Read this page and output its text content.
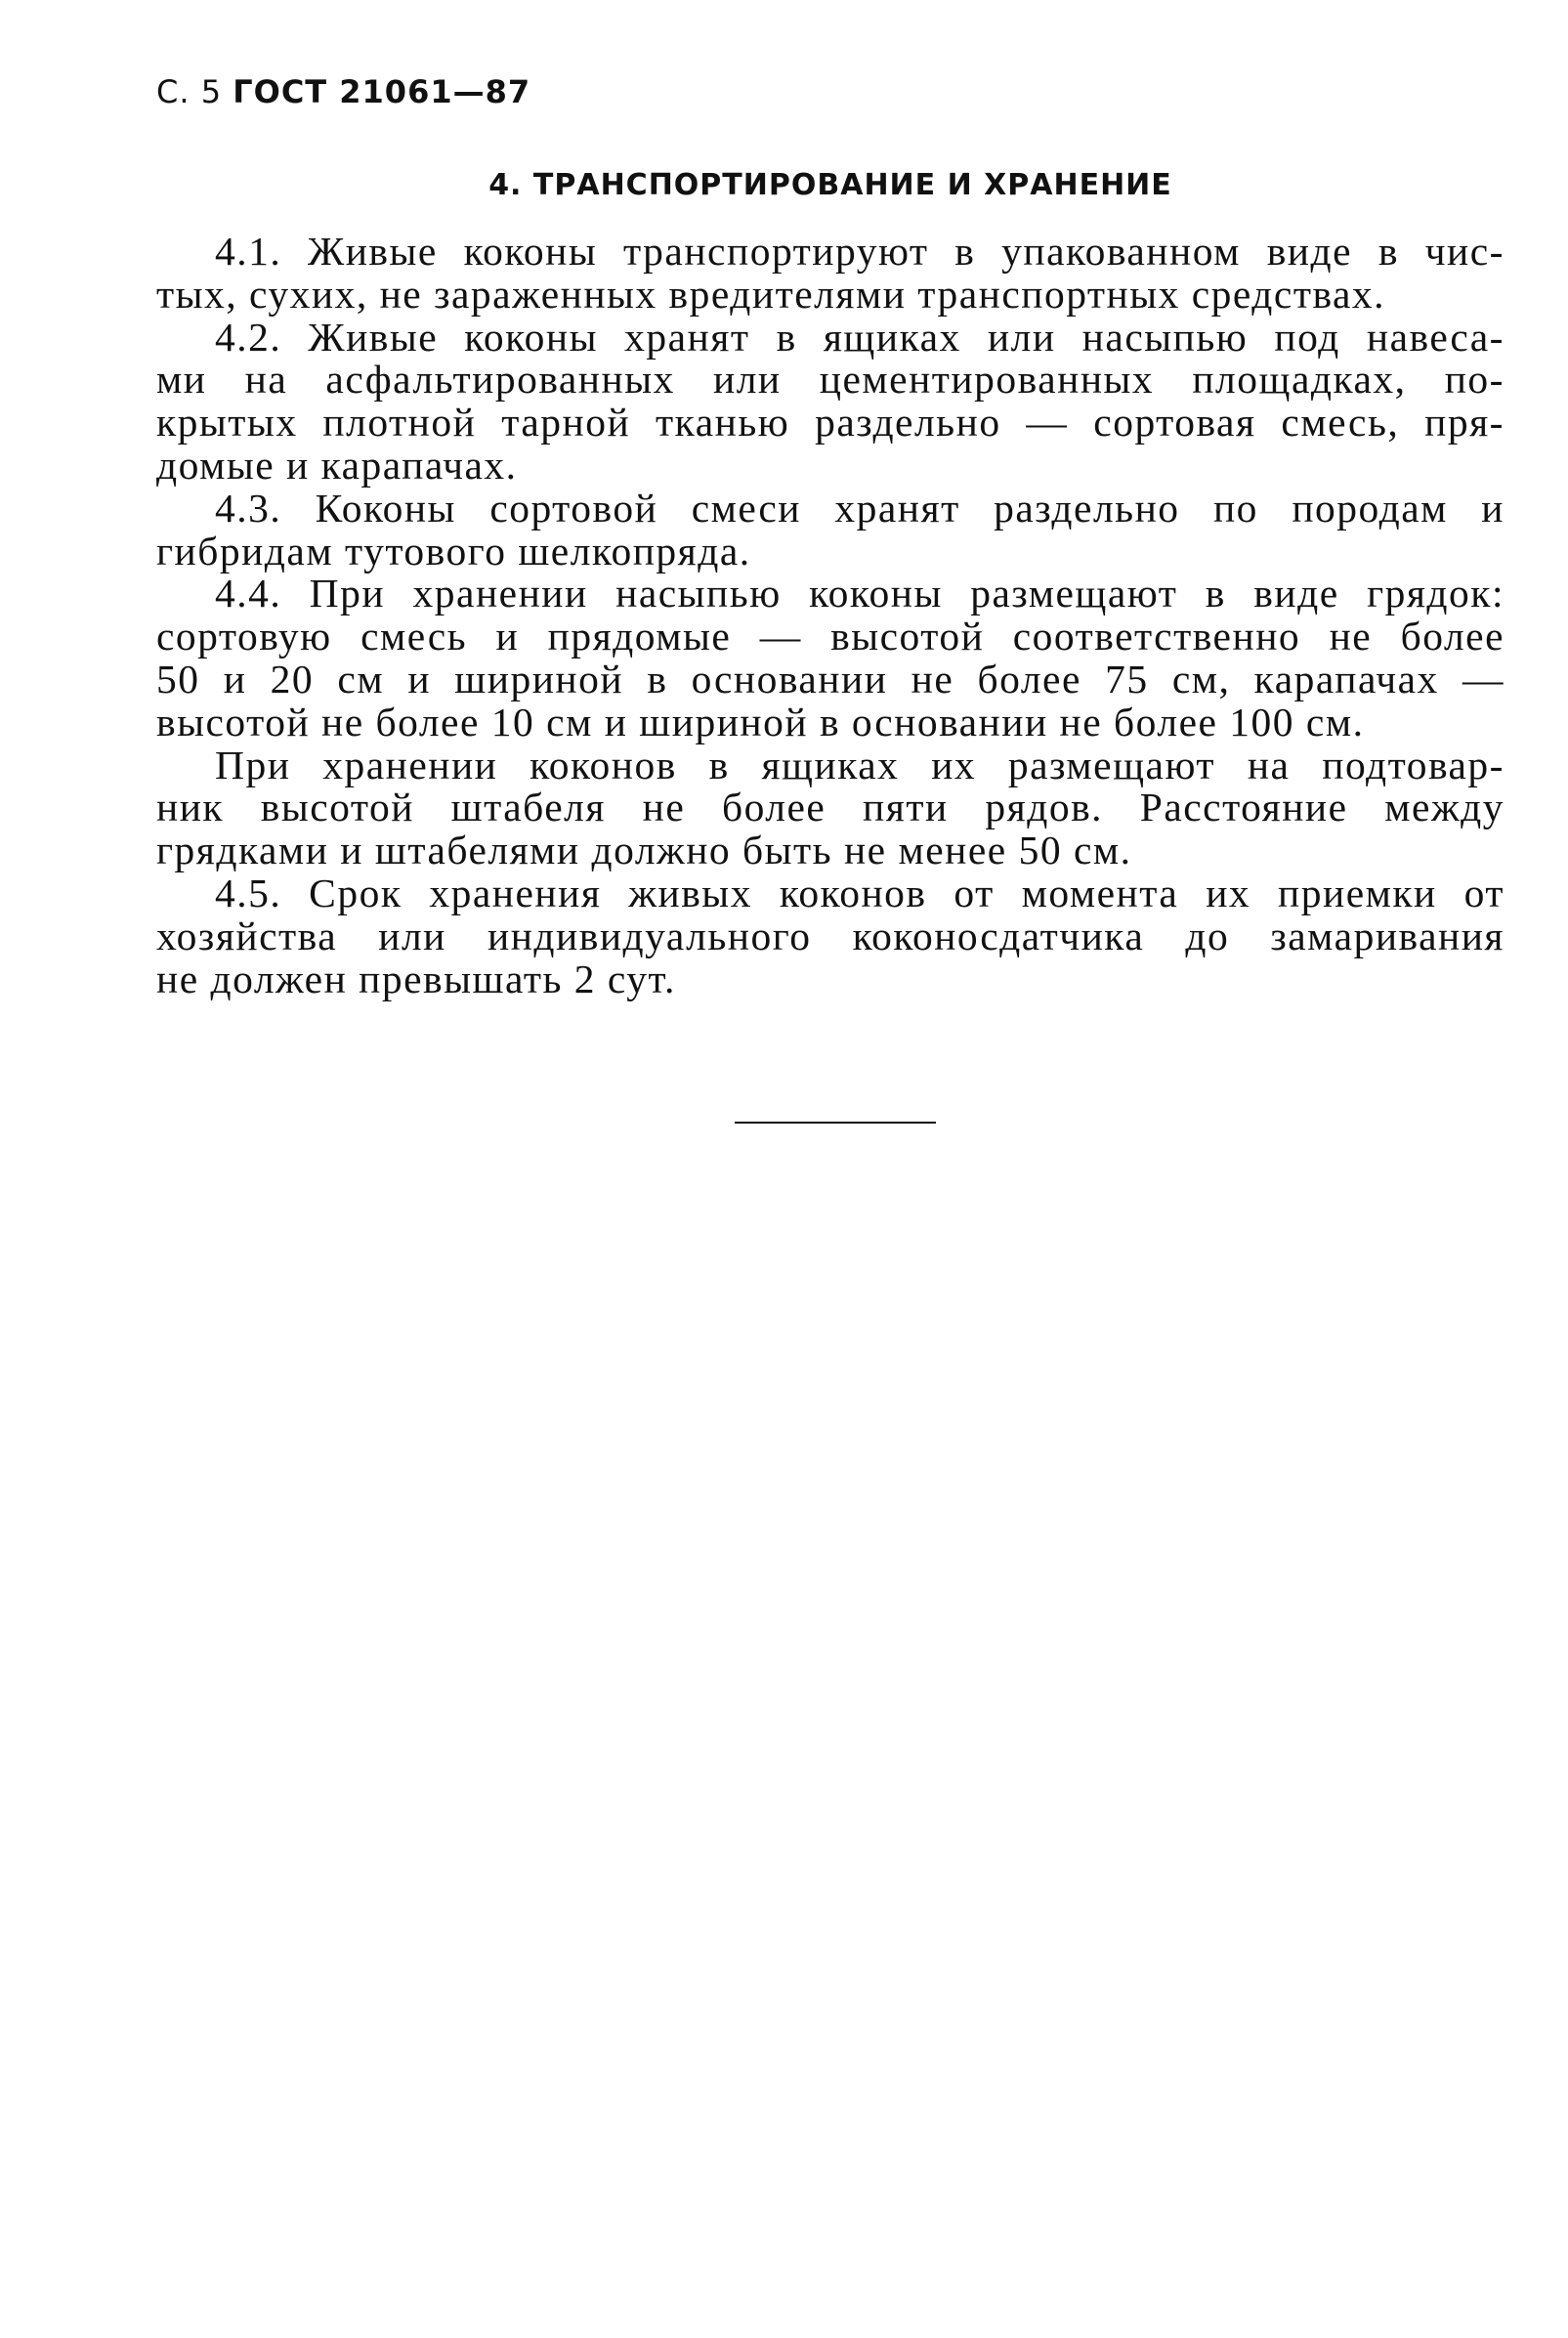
С. 5 ГОСТ 21061—87
4. ТРАНСПОРТИРОВАНИЕ И ХРАНЕНИЕ
4.1. Живые коконы транспортируют в упакованном виде в чис-
тых, сухих, не зараженных вредителями транспортных средствах.
4.2. Живые коконы хранят в ящиках или насыпью под навеса-
ми на асфальтированных или цементированных площадках, по-
крытых плотной тарной тканью раздельно — сортовая смесь, пря-
домые и карапачах.
4.3. Коконы сортовой смеси хранят раздельно по породам и
гибридам тутового шелкопряда.
4.4. При хранении насыпью коконы размещают в виде грядок:
сортовую смесь и прядомые — высотой соответственно не более
50 и 20 см и шириной в основании не более 75 см, карапачах —
высотой не более 10 см и шириной в основании не более 100 см.
При хранении коконов в ящиках их размещают на подтовар-
ник высотой штабеля не более пяти рядов. Расстояние между
грядками и штабелями должно быть не менее 50 см.
4.5. Срок хранения живых коконов от момента их приемки от
хозяйства или индивидуального коконосдатчика до замаривания
не должен превышать 2 сут.
